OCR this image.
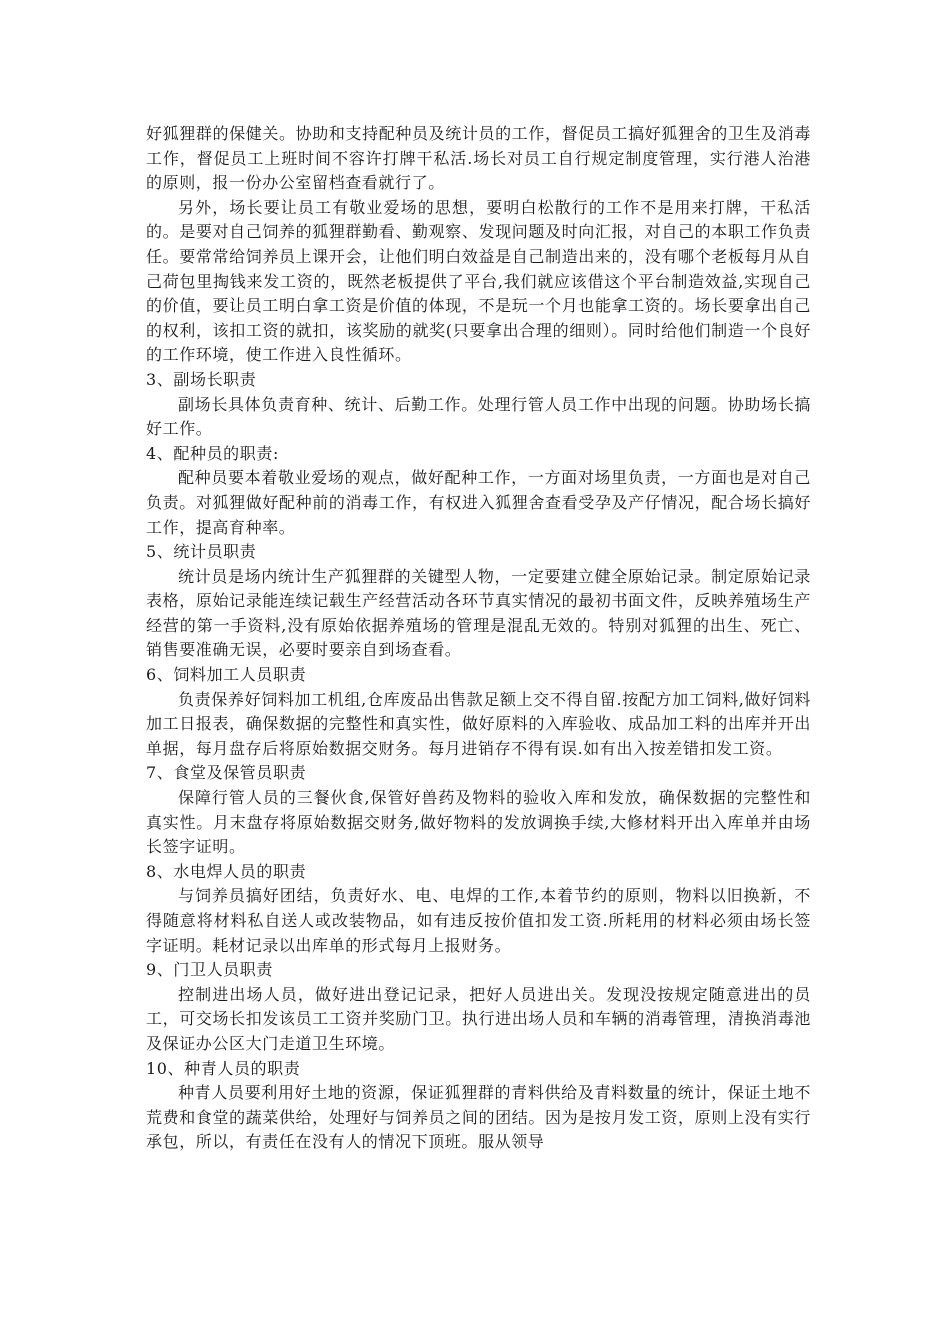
好狐狸群的保健关。协助和支持配种员及统计员的工作，督促员工搞好狐狸舍的卫生及消毒工作，督促员工上班时间不容许打牌干私活.场长对员工自行规定制度管理，实行港人治港的原则，报一份办公室留档查看就行了。

另外，场长要让员工有敬业爱场的思想，要明白松散行的工作不是用来打牌，干私活的。是要对自己饲养的狐狸群勤看、勤观察、发现问题及时向汇报，对自己的本职工作负责任。要常常给饲养员上课开会，让他们明白效益是自己制造出来的，没有哪个老板每月从自己荷包里掏钱来发工资的，既然老板提供了平台,我们就应该借这个平台制造效益,实现自己的价值，要让员工明白拿工资是价值的体现，不是玩一个月也能拿工资的。场长要拿出自己的权利，该扣工资的就扣，该奖励的就奖(只要拿出合理的细则）。同时给他们制造一个良好的工作环境，使工作进入良性循环。

3、副场长职责

副场长具体负责育种、统计、后勤工作。处理行管人员工作中出现的问题。协助场长搞好工作。

4、配种员的职责:

配种员要本着敬业爱场的观点，做好配种工作，一方面对场里负责，一方面也是对自己负责。对狐狸做好配种前的消毒工作，有权进入狐狸舍查看受孕及产仔情况，配合场长搞好工作，提高育种率。

5、统计员职责

统计员是场内统计生产狐狸群的关键型人物，一定要建立健全原始记录。制定原始记录表格，原始记录能连续记载生产经营活动各环节真实情况的最初书面文件，反映养殖场生产经营的第一手资料,没有原始依据养殖场的管理是混乱无效的。特别对狐狸的出生、死亡、销售要准确无误，必要时要亲自到场查看。

6、饲料加工人员职责

负责保养好饲料加工机组,仓库废品出售款足额上交不得自留.按配方加工饲料,做好饲料加工日报表，确保数据的完整性和真实性，做好原料的入库验收、成品加工料的出库并开出单据，每月盘存后将原始数据交财务。每月进销存不得有误.如有出入按差错扣发工资。

7、食堂及保管员职责

保障行管人员的三餐伙食,保管好兽药及物料的验收入库和发放，确保数据的完整性和真实性。月末盘存将原始数据交财务,做好物料的发放调换手续,大修材料开出入库单并由场长签字证明。

8、水电焊人员的职责

与饲养员搞好团结，负责好水、电、电焊的工作,本着节约的原则，物料以旧换新，不得随意将材料私自送人或改装物品，如有违反按价值扣发工资.所耗用的材料必须由场长签字证明。耗材记录以出库单的形式每月上报财务。

9、门卫人员职责

控制进出场人员，做好进出登记记录，把好人员进出关。发现没按规定随意进出的员工，可交场长扣发该员工工资并奖励门卫。执行进出场人员和车辆的消毒管理，清换消毒池及保证办公区大门走道卫生环境。

10、种青人员的职责

种青人员要利用好土地的资源，保证狐狸群的青料供给及青料数量的统计，保证土地不荒费和食堂的蔬菜供给，处理好与饲养员之间的团结。因为是按月发工资，原则上没有实行承包，所以，有责任在没有人的情况下顶班。服从领导
